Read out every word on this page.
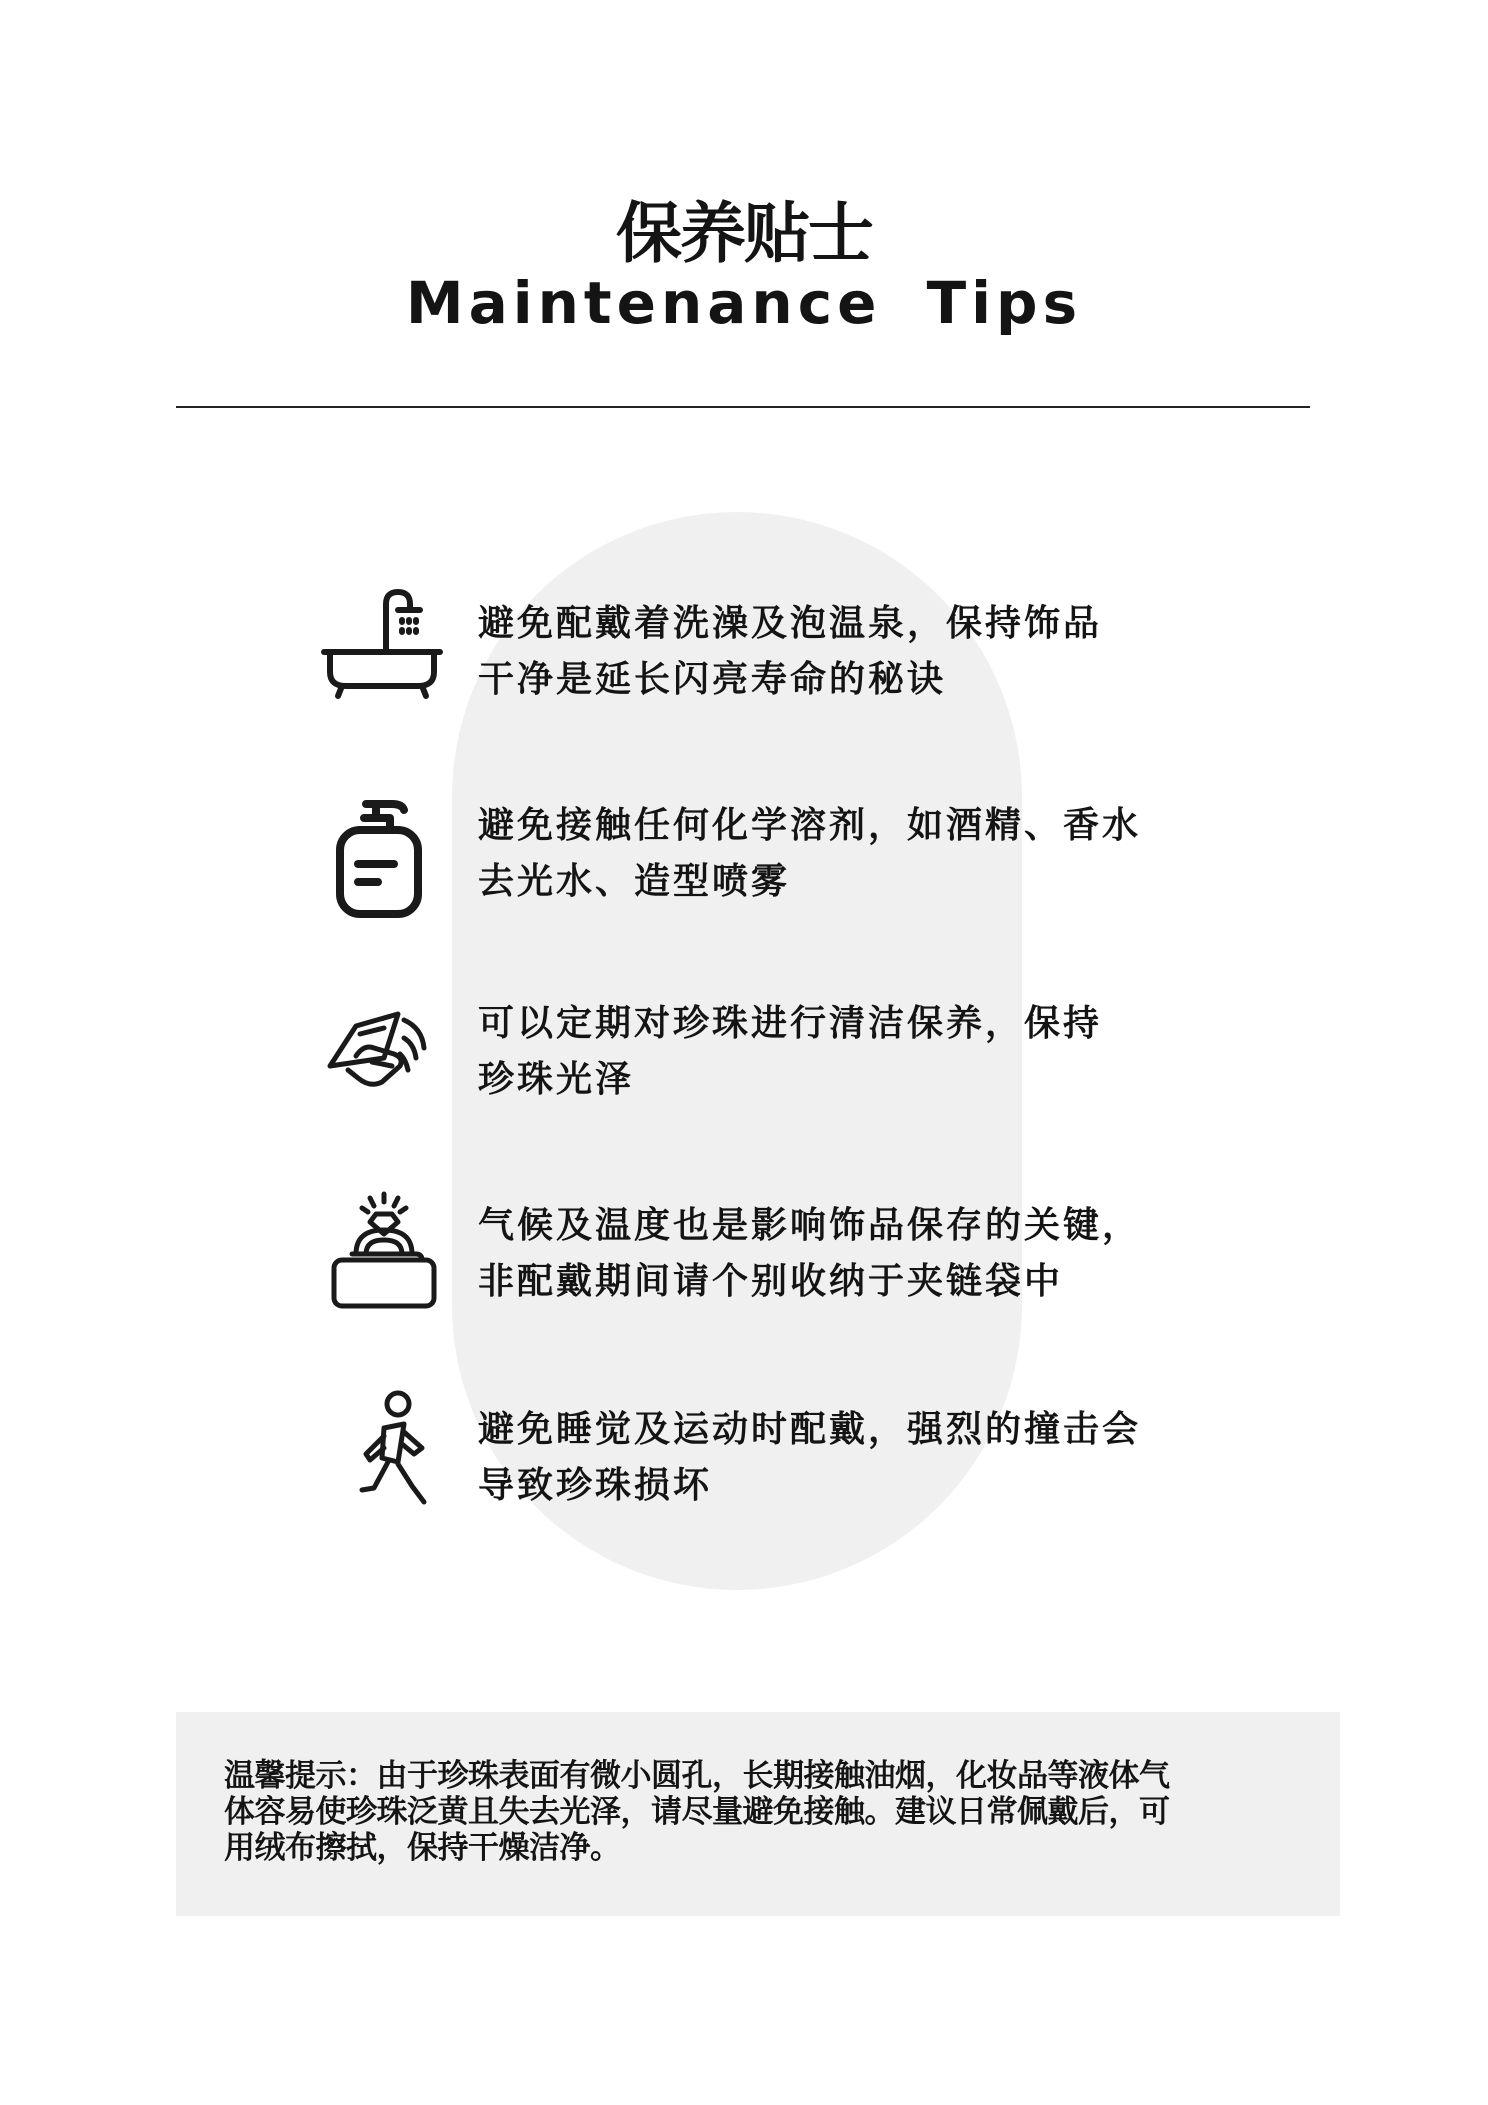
保养贴士
Maintenance Tips

避免配戴着洗澡及泡温泉，保持饰品
干净是延长闪亮寿命的秘诀

避免接触任何化学溶剂，如酒精、香水
去光水、造型喷雾

可以定期对珍珠进行清洁保养，保持
珍珠光泽

气候及温度也是影响饰品保存的关键，
非配戴期间请个别收纳于夹链袋中

避免睡觉及运动时配戴，强烈的撞击会
导致珍珠损坏

温馨提示：由于珍珠表面有微小圆孔，长期接触油烟，化妆品等液体气
体容易使珍珠泛黄且失去光泽，请尽量避免接触。建议日常佩戴后，可
用绒布擦拭，保持干燥洁净。
